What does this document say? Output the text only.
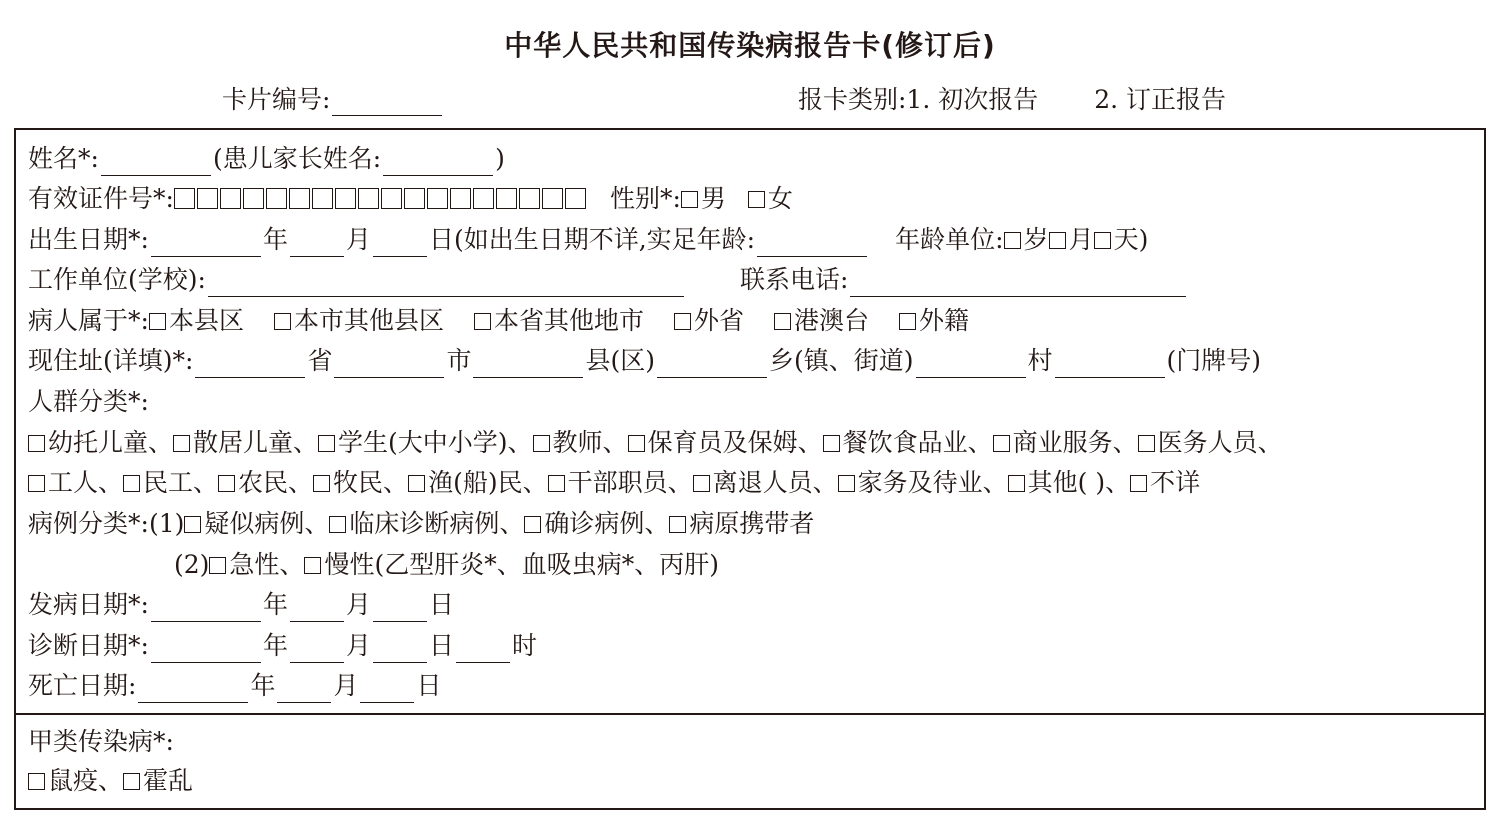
中华人民共和国传染病报告卡(修订后)
卡片编号:	报卡类别:1. 初次报告 2. 订正报告
姓名*:	(患儿家长姓名:	)
有效证件号*:	性别*: 男 女
出生日期*:	年 月 日(如出生日期不详,实足年龄:	年龄单位: 岁 月 天)
工作单位(学校):	联系电话:
病人属于*: 本县区 本市其他县区 本省其他地市 外省 港澳台 外籍
现住址(详填)*:	省	市	县(区)	乡(镇、街道)	村	(门牌号)
人群分类*:
幼托儿童、 散居儿童、 学生(大中小学)、 教师、 保育员及保姆、 餐饮食品业、 商业服务、 医务人员、
工人、 民工、 农民、 牧民、 渔(船)民、 干部职员、 离退人员、 家务及待业、 其他( )、 不详
病例分类*:(1) 疑似病例、 临床诊断病例、 确诊病例、 病原携带者
(2) 急性、 慢性(乙型肝炎*、血吸虫病*、丙肝)
发病日期*:	年 月 日
诊断日期*:	年 月 日 时
死亡日期:	年 月 日
甲类传染病*:
鼠疫、 霍乱
